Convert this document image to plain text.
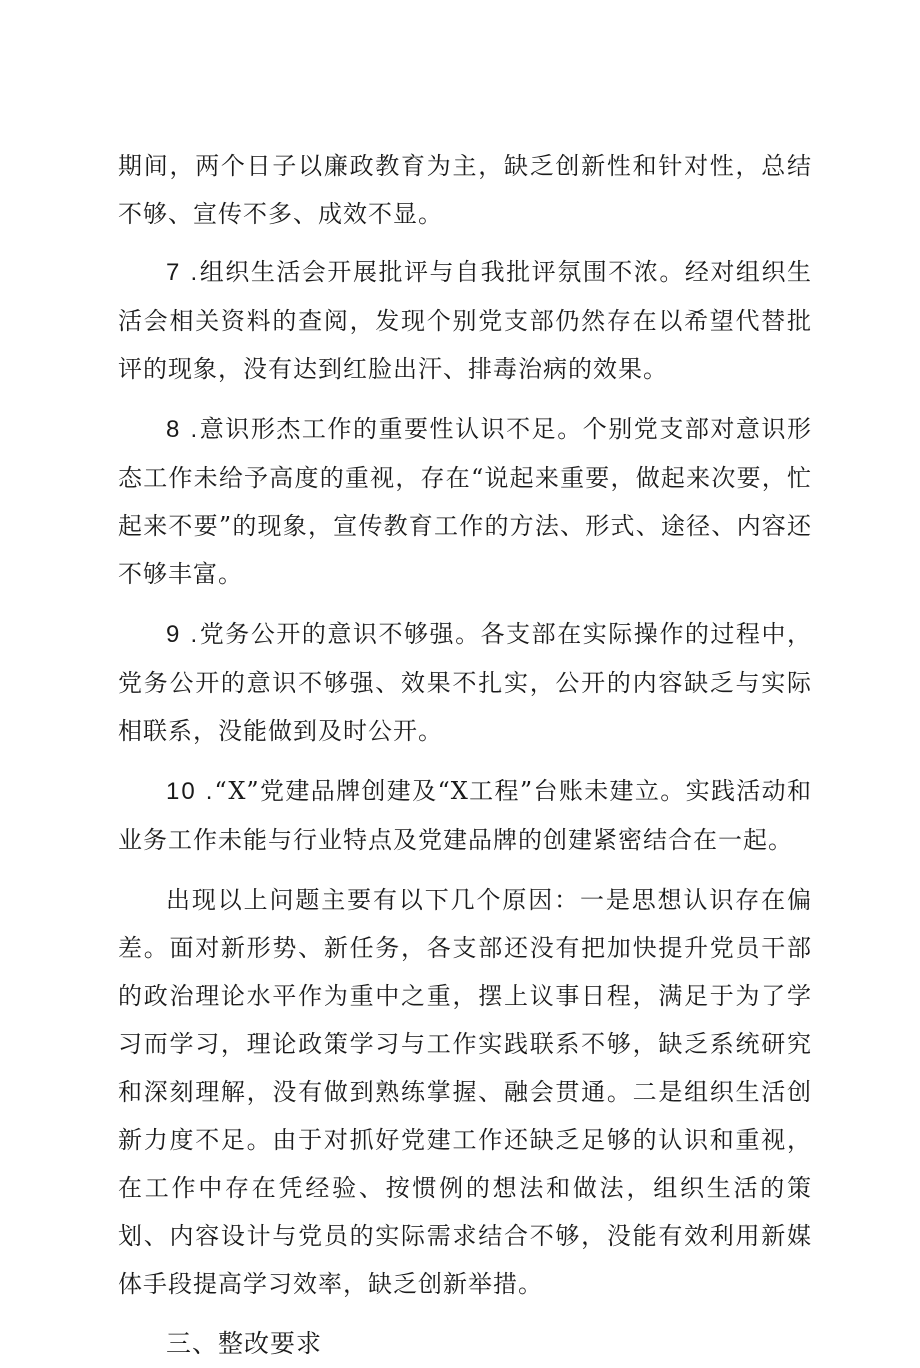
期间，两个日子以廉政教育为主，缺乏创新性和针对性，总结不够、宣传不多、成效不显。

7 .组织生活会开展批评与自我批评氛围不浓。经对组织生活会相关资料的查阅，发现个别党支部仍然存在以希望代替批评的现象，没有达到红脸出汗、排毒治病的效果。

8 .意识形杰工作的重要性认识不足。个别党支部对意识形态工作未给予高度的重视，存在“说起来重要，做起来次要，忙起来不要”的现象，宣传教育工作的方法、形式、途径、内容还不够丰富。

9 .党务公开的意识不够强。各支部在实际操作的过程中，党务公开的意识不够强、效果不扎实，公开的内容缺乏与实际相联系，没能做到及时公开。

10 .“X”党建品牌创建及“X工程”台账未建立。实践活动和业务工作未能与行业特点及党建品牌的创建紧密结合在一起。

出现以上问题主要有以下几个原因：一是思想认识存在偏差。面对新形势、新任务，各支部还没有把加快提升党员干部的政治理论水平作为重中之重，摆上议事日程，满足于为了学习而学习，理论政策学习与工作实践联系不够，缺乏系统研究和深刻理解，没有做到熟练掌握、融会贯通。二是组织生活创新力度不足。由于对抓好党建工作还缺乏足够的认识和重视，在工作中存在凭经验、按惯例的想法和做法，组织生活的策划、内容设计与党员的实际需求结合不够，没能有效利用新媒体手段提高学习效率，缺乏创新举措。

三、整改要求
